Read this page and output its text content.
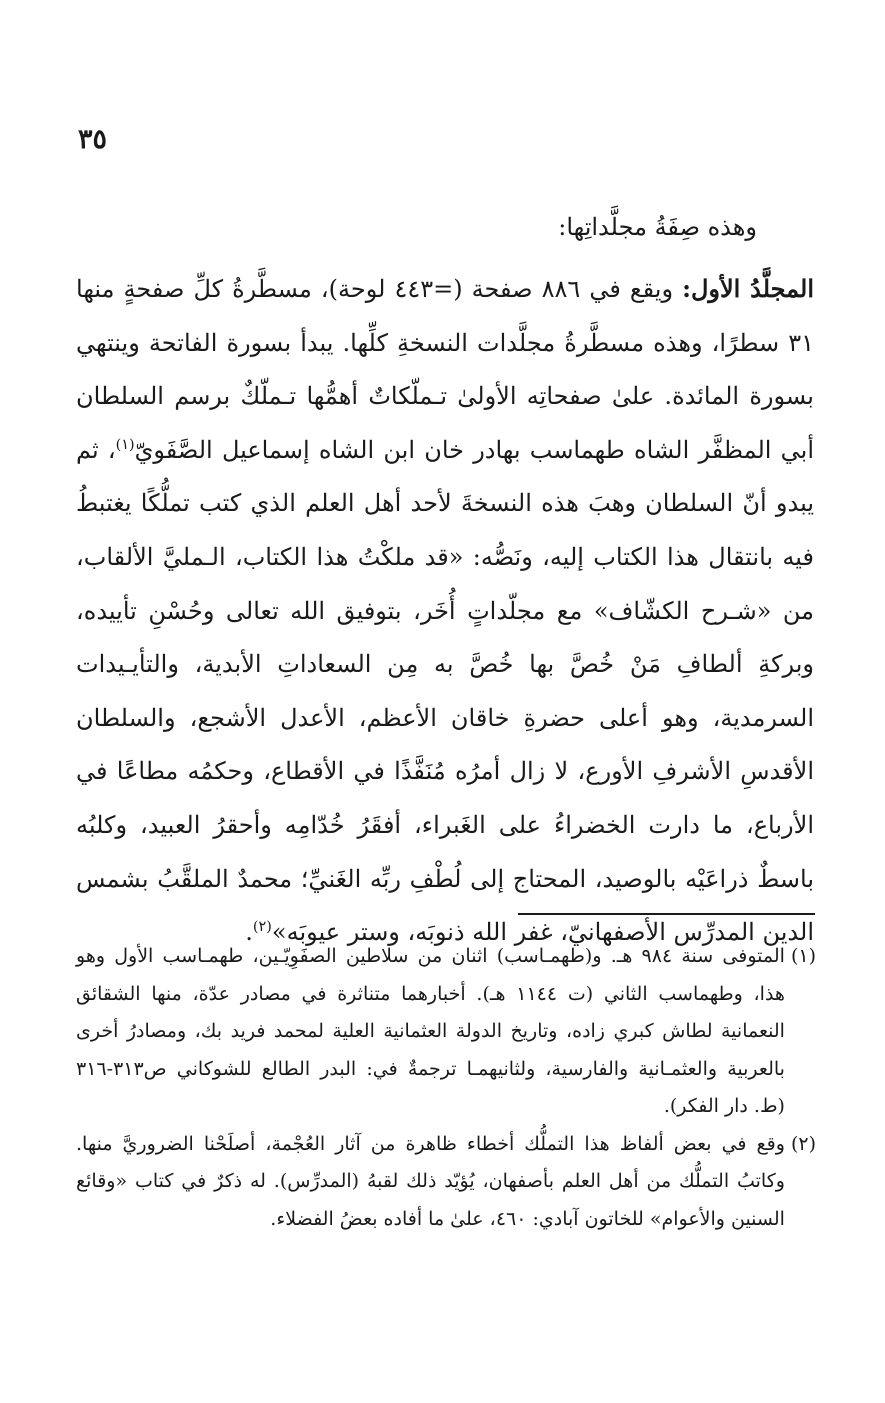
٣٥
وهذه صِفَةُ مجلَّداتِها:
المجلَّدُ الأول: ويقع في ٨٨٦ صفحة (=٤٤٣ لوحة)، مسطَّرةُ كلِّ صفحةٍ منها ٣١ سطرًا، وهذه مسطَّرةُ مجلَّدات النسخةِ كلِّها. يبدأ بسورة الفاتحة وينتهي بسورة المائدة. علىٰ صفحاتِه الأولىٰ تـملّكاتٌ أهمُّها تـملّكٌ برسم السلطان أبي المظفَّر الشاه طهماسب بهادر خان ابن الشاه إسماعيل الصَّفَويّ$^{(١)}$، ثم يبدو أنّ السلطان وهبَ هذه النسخةَ لأحد أهل العلم الذي كتب تملُّكًا يغتبطُ فيه بانتقال هذا الكتاب إليه، ونَصُّه: «قد ملكْتُ هذا الكتاب، الـمليَّ الألقاب، من «شـرح الكشّاف» مع مجلّداتٍ أُخَر، بتوفيق الله تعالى وحُسْنِ تأييده، وبركةِ ألطافِ مَنْ خُصَّ بها خُصَّ به مِن السعاداتِ الأبدية، والتأيـيدات السرمدية، وهو أعلى حضرةِ خاقان الأعظم، الأعدل الأشجع، والسلطان الأقدسِ الأشرفِ الأورع، لا زال أمرُه مُنَفَّذًا في الأقطاع، وحكمُه مطاعًا في الأرباع، ما دارت الخضراءُ على الغَبراء، أفقَرُ خُدّامِه وأحقرُ العبيد، وكلبُه باسطٌ ذراعَيْه بالوصيد، المحتاج إلى لُطْفِ ربِّه الغَنيِّ؛ محمدٌ الملقَّبُ بشمس الدين المدرِّس الأصفهانيّ، غفر الله ذنوبَه، وستر عيوبَه»$^{(٢)}$.
(١)
المتوفى سنة ٩٨٤ هـ. و(طهمـاسب) اثنان من سلاطين الصفَوِيّـين، طهمـاسب الأول وهو هذا، وطهماسب الثاني (ت ١١٤٤ هـ). أخبارهما متناثرة في مصادر عدّة، منها الشقائق النعمانية لطاش كبري زاده، وتاريخ الدولة العثمانية العلية لمحمد فريد بك، ومصادرُ أخرى بالعربية والعثمـانية والفارسية، ولثانيهمـا ترجمةٌ في: البدر الطالع للشوكاني ص٣١٣-٣١٦ (ط. دار الفكر).
(٢)
وقع في بعض ألفاظ هذا التملُّك أخطاء ظاهرة من آثار العُجْمة، أصلَحْنا الضروريَّ منها. وكاتبُ التملُّك من أهل العلم بأصفهان، يُؤيّد ذلك لقبهُ (المدرِّس). له ذكرٌ في كتاب «وقائع السنين والأعوام» للخاتون آبادي: ٤٦٠، علىٰ ما أفاده بعضُ الفضلاء.
